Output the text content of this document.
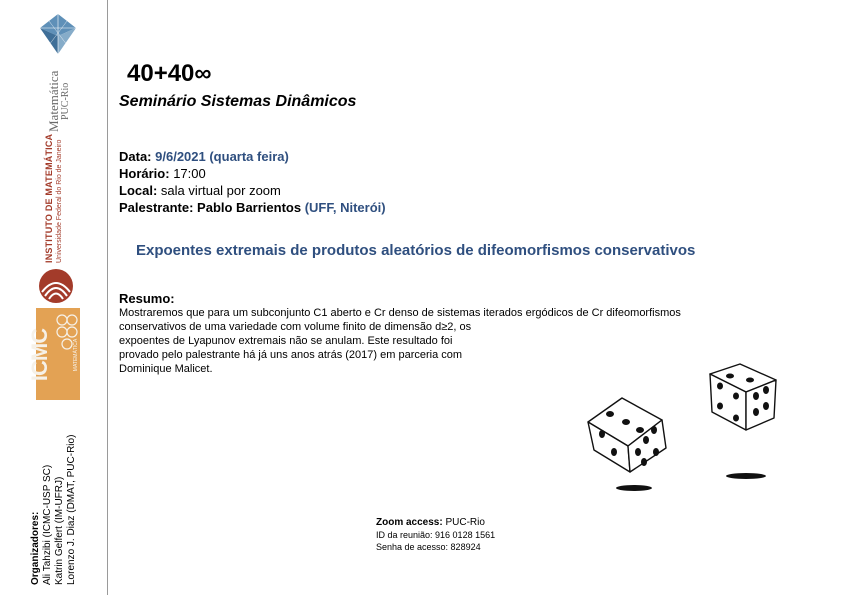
Matemática PUC-Rio
INSTITUTO DE MATEMÁTICA Universidade Federal do Rio de Janeiro
ICMC	MATEMÁTICA
Organizadores: Ali Tahzibi (ICMC-USP SC) Katrin Gelfert (IM-UFRJ) Lorenzo J. Diaz (DMAT, PUC-Rio)
40+40∞
Seminário Sistemas Dinâmicos
Data: 9/6/2021 (quarta feira)
Horário: 17:00
Local: sala virtual por zoom
Palestrante: Pablo Barrientos (UFF, Niterói)
Expoentes extremais de produtos aleatórios de difeomorfismos conservativos
Resumo:
Mostraremos que para um subconjunto C1 aberto e Cr denso de sistemas iterados ergódicos de Cr difeomorfismos
conservativos de uma variedade com volume finito de dimensão d≥2, os
expoentes de Lyapunov extremais não se anulam. Este resultado foi
provado pelo palestrante há já uns anos atrás (2017) em parceria com
Dominique Malicet.
Zoom access: PUC-Rio
ID da reunião: 916 0128 1561
Senha de acesso: 828924
